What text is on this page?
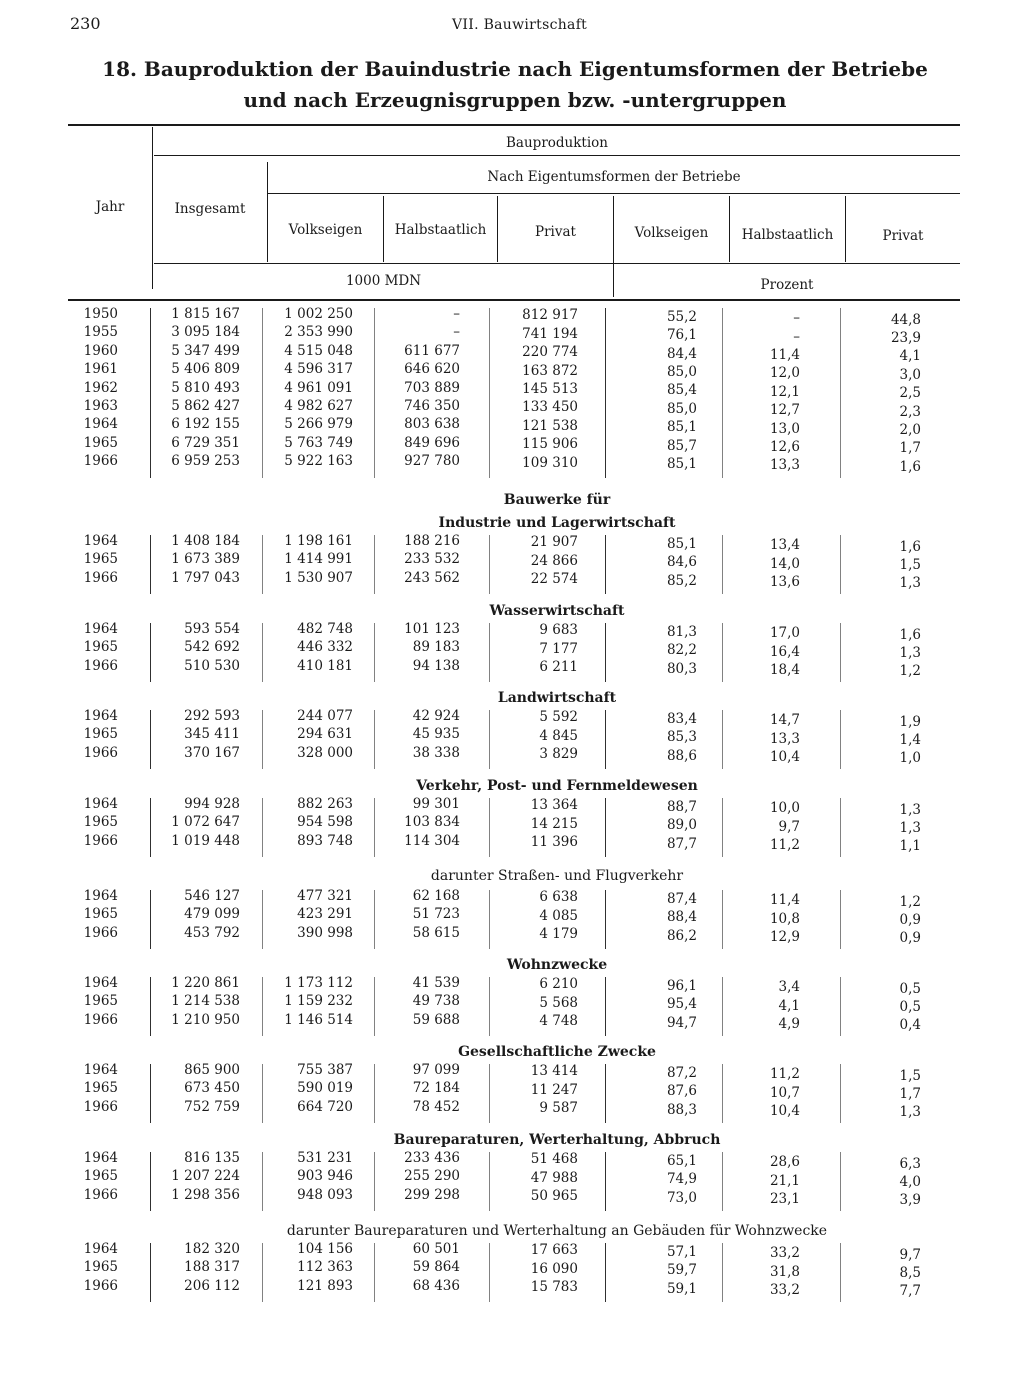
230	VII. Bauwirtschaft
18. Bauproduktion der Bauindustrie nach Eigentumsformen der Betriebe
und nach Erzeugnisgruppen bzw. -untergruppen
Jahr
Bauproduktion
Insgesamt
Nach Eigentumsformen der Betriebe
Volkseigen	Halbstaatlich	Privat	Volkseigen	Halbstaatlich	Privat
1000 MDN	Prozent
1950	1 815 167	1 002 250	–	812 917	55,2	–	44,8
1955	3 095 184	2 353 990	–	741 194	76,1	–	23,9
1960	5 347 499	4 515 048	611 677	220 774	84,4	11,4	4,1
1961	5 406 809	4 596 317	646 620	163 872	85,0	12,0	3,0
1962	5 810 493	4 961 091	703 889	145 513	85,4	12,1	2,5
1963	5 862 427	4 982 627	746 350	133 450	85,0	12,7	2,3
1964	6 192 155	5 266 979	803 638	121 538	85,1	13,0	2,0
1965	6 729 351	5 763 749	849 696	115 906	85,7	12,6	1,7
1966	6 959 253	5 922 163	927 780	109 310	85,1	13,3	1,6
Bauwerke für
Industrie und Lagerwirtschaft
1964	1 408 184	1 198 161	188 216	21 907	85,1	13,4	1,6
1965	1 673 389	1 414 991	233 532	24 866	84,6	14,0	1,5
1966	1 797 043	1 530 907	243 562	22 574	85,2	13,6	1,3
Wasserwirtschaft
1964	593 554	482 748	101 123	9 683	81,3	17,0	1,6
1965	542 692	446 332	89 183	7 177	82,2	16,4	1,3
1966	510 530	410 181	94 138	6 211	80,3	18,4	1,2
Landwirtschaft
1964	292 593	244 077	42 924	5 592	83,4	14,7	1,9
1965	345 411	294 631	45 935	4 845	85,3	13,3	1,4
1966	370 167	328 000	38 338	3 829	88,6	10,4	1,0
Verkehr, Post- und Fernmeldewesen
1964	994 928	882 263	99 301	13 364	88,7	10,0	1,3
1965	1 072 647	954 598	103 834	14 215	89,0	9,7	1,3
1966	1 019 448	893 748	114 304	11 396	87,7	11,2	1,1
darunter Straßen- und Flugverkehr
1964	546 127	477 321	62 168	6 638	87,4	11,4	1,2
1965	479 099	423 291	51 723	4 085	88,4	10,8	0,9
1966	453 792	390 998	58 615	4 179	86,2	12,9	0,9
Wohnzwecke
1964	1 220 861	1 173 112	41 539	6 210	96,1	3,4	0,5
1965	1 214 538	1 159 232	49 738	5 568	95,4	4,1	0,5
1966	1 210 950	1 146 514	59 688	4 748	94,7	4,9	0,4
Gesellschaftliche Zwecke
1964	865 900	755 387	97 099	13 414	87,2	11,2	1,5
1965	673 450	590 019	72 184	11 247	87,6	10,7	1,7
1966	752 759	664 720	78 452	9 587	88,3	10,4	1,3
Baureparaturen, Werterhaltung, Abbruch
1964	816 135	531 231	233 436	51 468	65,1	28,6	6,3
1965	1 207 224	903 946	255 290	47 988	74,9	21,1	4,0
1966	1 298 356	948 093	299 298	50 965	73,0	23,1	3,9
darunter Baureparaturen und Werterhaltung an Gebäuden für Wohnzwecke
1964	182 320	104 156	60 501	17 663	57,1	33,2	9,7
1965	188 317	112 363	59 864	16 090	59,7	31,8	8,5
1966	206 112	121 893	68 436	15 783	59,1	33,2	7,7
